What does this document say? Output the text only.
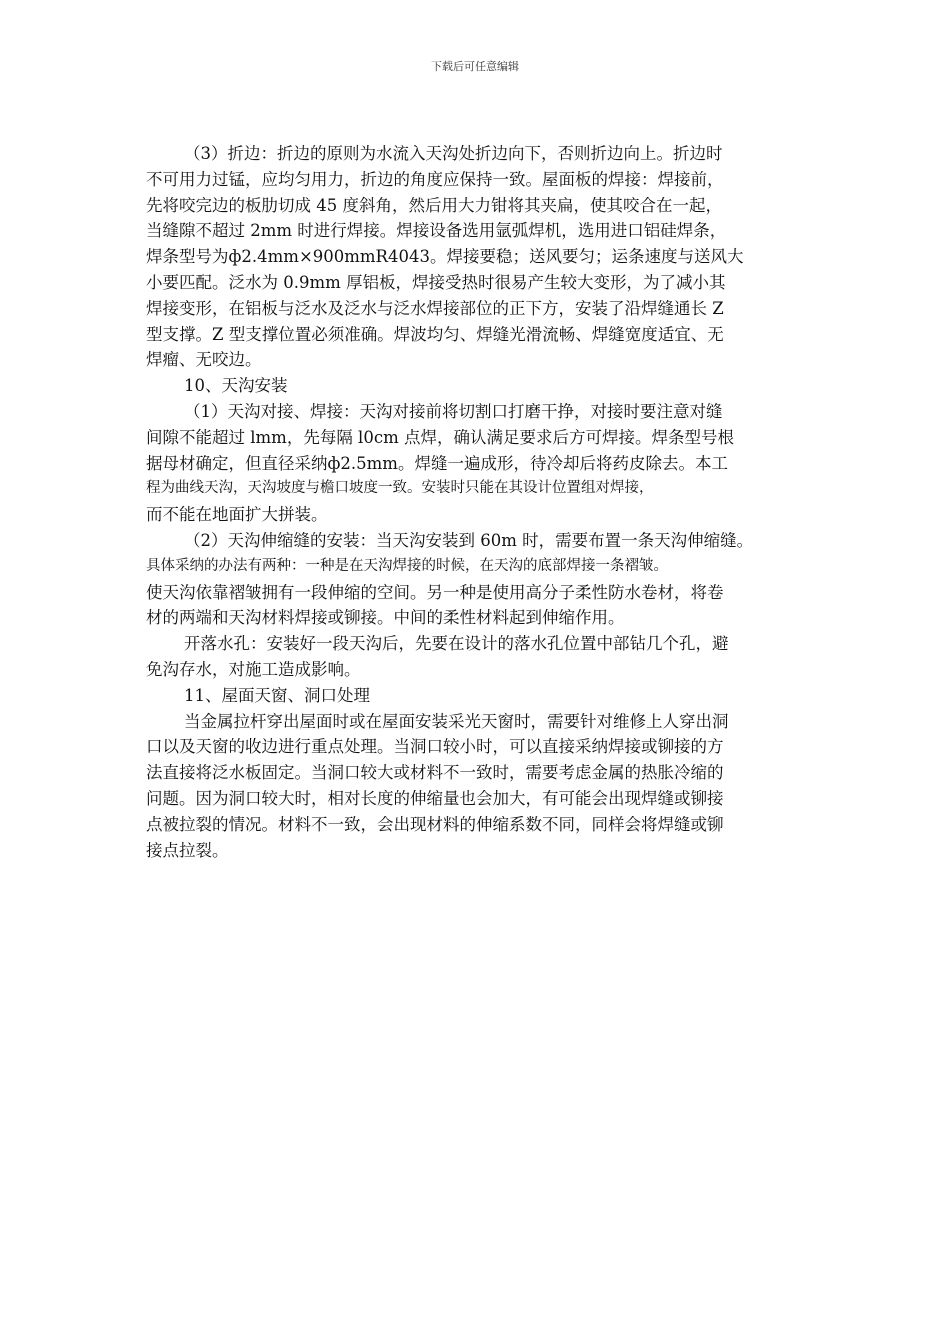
下载后可任意编辑
（3）折边：折边的原则为水流入天沟处折边向下，否则折边向上。折边时
不可用力过锰，应均匀用力，折边的角度应保持一致。屋面板的焊接：焊接前，
先将咬完边的板肋切成 45 度斜角，然后用大力钳将其夹扁，使其咬合在一起，
当缝隙不超过 2mm 时进行焊接。焊接设备选用氩弧焊机，选用进口铝硅焊条，
焊条型号为ф2.4mm×900mmR4043。焊接要稳；送风要匀；运条速度与送风大
小要匹配。泛水为 0.9mm 厚铝板，焊接受热时很易产生较大变形，为了减小其
焊接变形，在铝板与泛水及泛水与泛水焊接部位的正下方，安装了沿焊缝通长 Z
型支撑。Z 型支撑位置必须准确。焊波均匀、焊缝光滑流畅、焊缝宽度适宜、无
焊瘤、无咬边。
10、天沟安装
（1）天沟对接、焊接：天沟对接前将切割口打磨干挣，对接时要注意对缝
间隙不能超过 lmm，先每隔 l0cm 点焊，确认满足要求后方可焊接。焊条型号根
据母材确定，但直径采纳ф2.5mm。焊缝一遍成形，待冷却后将药皮除去。本工
程为曲线天沟，天沟坡度与檐口坡度一致。安装时只能在其设计位置组对焊接，
而不能在地面扩大拼装。
（2）天沟伸缩缝的安装：当天沟安装到 60m 时，需要布置一条天沟伸缩缝。
具体采纳的办法有两种：一种是在天沟焊接的时候，在天沟的底部焊接一条褶皱。
使天沟依靠褶皱拥有一段伸缩的空间。另一种是使用高分子柔性防水卷材，将卷
材的两端和天沟材料焊接或铆接。中间的柔性材料起到伸缩作用。
开落水孔：安装好一段天沟后，先要在设计的落水孔位置中部钻几个孔，避
免沟存水，对施工造成影响。
11、屋面天窗、洞口处理
当金属拉杆穿出屋面时或在屋面安装采光天窗时，需要针对维修上人穿出洞
口以及天窗的收边进行重点处理。当洞口较小时，可以直接采纳焊接或铆接的方
法直接将泛水板固定。当洞口较大或材料不一致时，需要考虑金属的热胀冷缩的
问题。因为洞口较大时，相对长度的伸缩量也会加大，有可能会出现焊缝或铆接
点被拉裂的情况。材料不一致，会出现材料的伸缩系数不同，同样会将焊缝或铆
接点拉裂。
